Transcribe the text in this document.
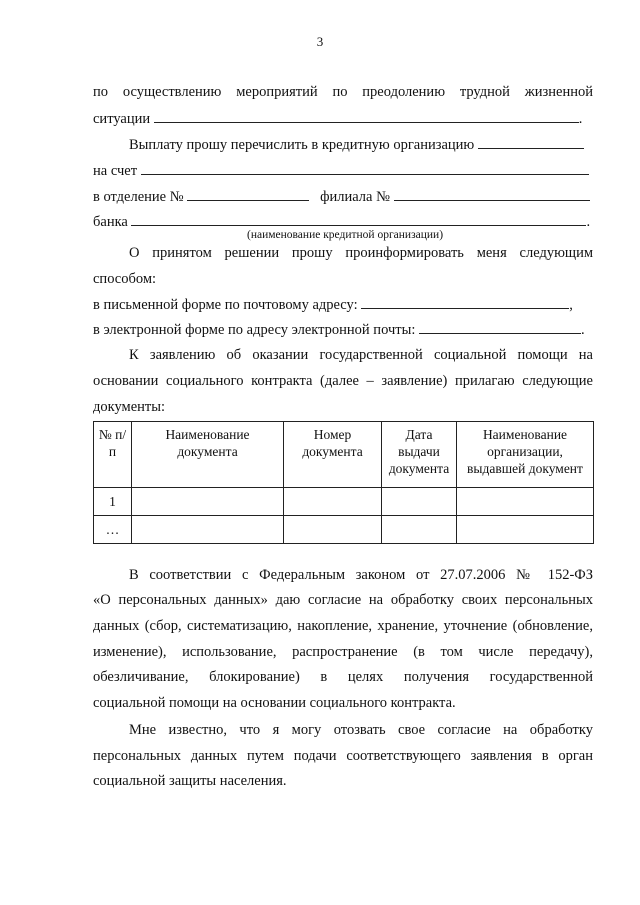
3
по осуществлению мероприятий по преодолению трудной жизненной
ситуации	.
Выплату прошу перечислить в кредитную организацию
на счет
в отделение №	филиала №
банка	.
(наименование кредитной организации)
О принятом решении прошу проинформировать меня следующим
способом:
в письменной форме по почтовому адресу:	,
в электронной форме по адресу электронной почты:	.
К заявлению об оказании государственной социальной помощи на
основании социального контракта (далее – заявление) прилагаю следующие
документы:
№ п/п	Наименование документа	Номер документа	Дата выдачи документа	Наименование организации, выдавшей документ
1				
…				
В соответствии с Федеральным законом от 27.07.2006 № 152-ФЗ
«О персональных данных» даю согласие на обработку своих персональных
данных (сбор, систематизацию, накопление, хранение, уточнение (обновление,
изменение), использование, распространение (в том числе передачу),
обезличивание, блокирование) в целях получения государственной
социальной помощи на основании социального контракта.
Мне известно, что я могу отозвать свое согласие на обработку
персональных данных путем подачи соответствующего заявления в орган
социальной защиты населения.
